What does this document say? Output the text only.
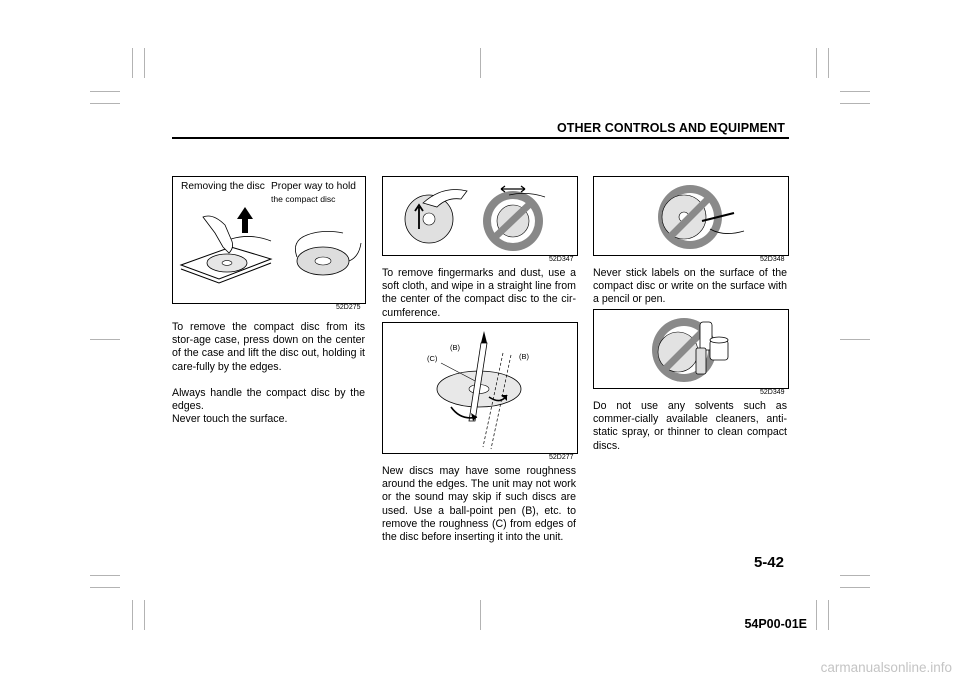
OTHER CONTROLS AND EQUIPMENT
Removing the disc Proper way to hold
the compact disc
52D275

To remove the compact disc from its stor-age case, press down on the center of the case and lift the disc out, holding it care-fully by the edges.

Always handle the compact disc by the edges.
Never touch the surface.

52D347
To remove fingermarks and dust, use a soft cloth, and wipe in a straight line from the center of the compact disc to the cir-cumference.
(B)
(C)	(B)
52D277
New discs may have some roughness around the edges. The unit may not work or the sound may skip if such discs are used. Use a ball-point pen (B), etc. to remove the roughness (C) from edges of the disc before inserting it into the unit.
52D348
Never stick labels on the surface of the compact disc or write on the surface with a pencil or pen.
52D349
Do not use any solvents such as commer-cially available cleaners, anti-static spray, or thinner to clean compact discs.
5-42
54P00-01E
carmanualsonline.info
